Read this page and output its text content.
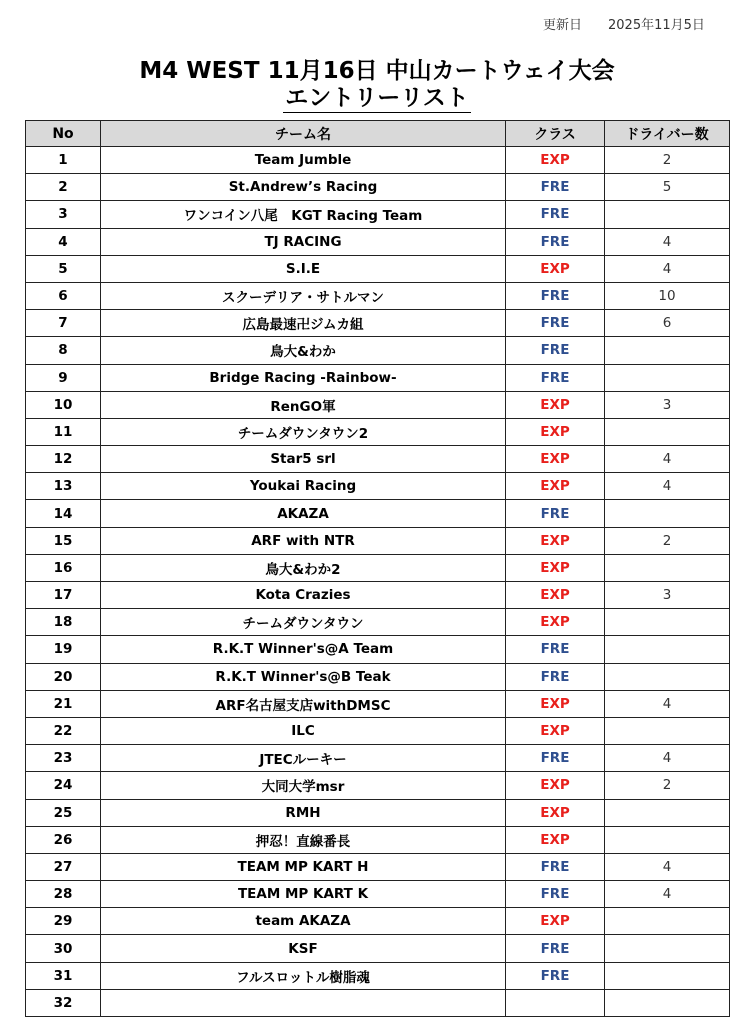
更新日 2025年11月5日
M4 WEST 11月16日 中山カートウェイ大会
エントリーリスト
No	チーム名	クラス	ドライバー数
1	Team Jumble	EXP	2
2	St.Andrew’s Racing	FRE	5
3	ワンコイン八尾　KGT Racing Team	FRE	
4	TJ RACING	FRE	4
5	S.I.E	EXP	4
6	スクーデリア・サトルマン	FRE	10
7	広島最速卍ジムカ組	FRE	6
8	鳥大&わか	FRE	
9	Bridge Racing -Rainbow-	FRE	
10	RenGO軍	EXP	3
11	チームダウンタウン2	EXP	
12	Star5 srl	EXP	4
13	Youkai Racing	EXP	4
14	AKAZA	FRE	
15	ARF with NTR	EXP	2
16	鳥大&わか2	EXP	
17	Kota Crazies	EXP	3
18	チームダウンタウン	EXP	
19	R.K.T Winner's@A Team	FRE	
20	R.K.T Winner's@B Teak	FRE	
21	ARF名古屋支店withDMSC	EXP	4
22	ILC	EXP	
23	JTECルーキー	FRE	4
24	大同大学msr	EXP	2
25	RMH	EXP	
26	押忍！直線番長	EXP	
27	TEAM MP KART H	FRE	4
28	TEAM MP KART K	FRE	4
29	team AKAZA	EXP	
30	KSF	FRE	
31	フルスロットル樹脂魂	FRE	
32			
